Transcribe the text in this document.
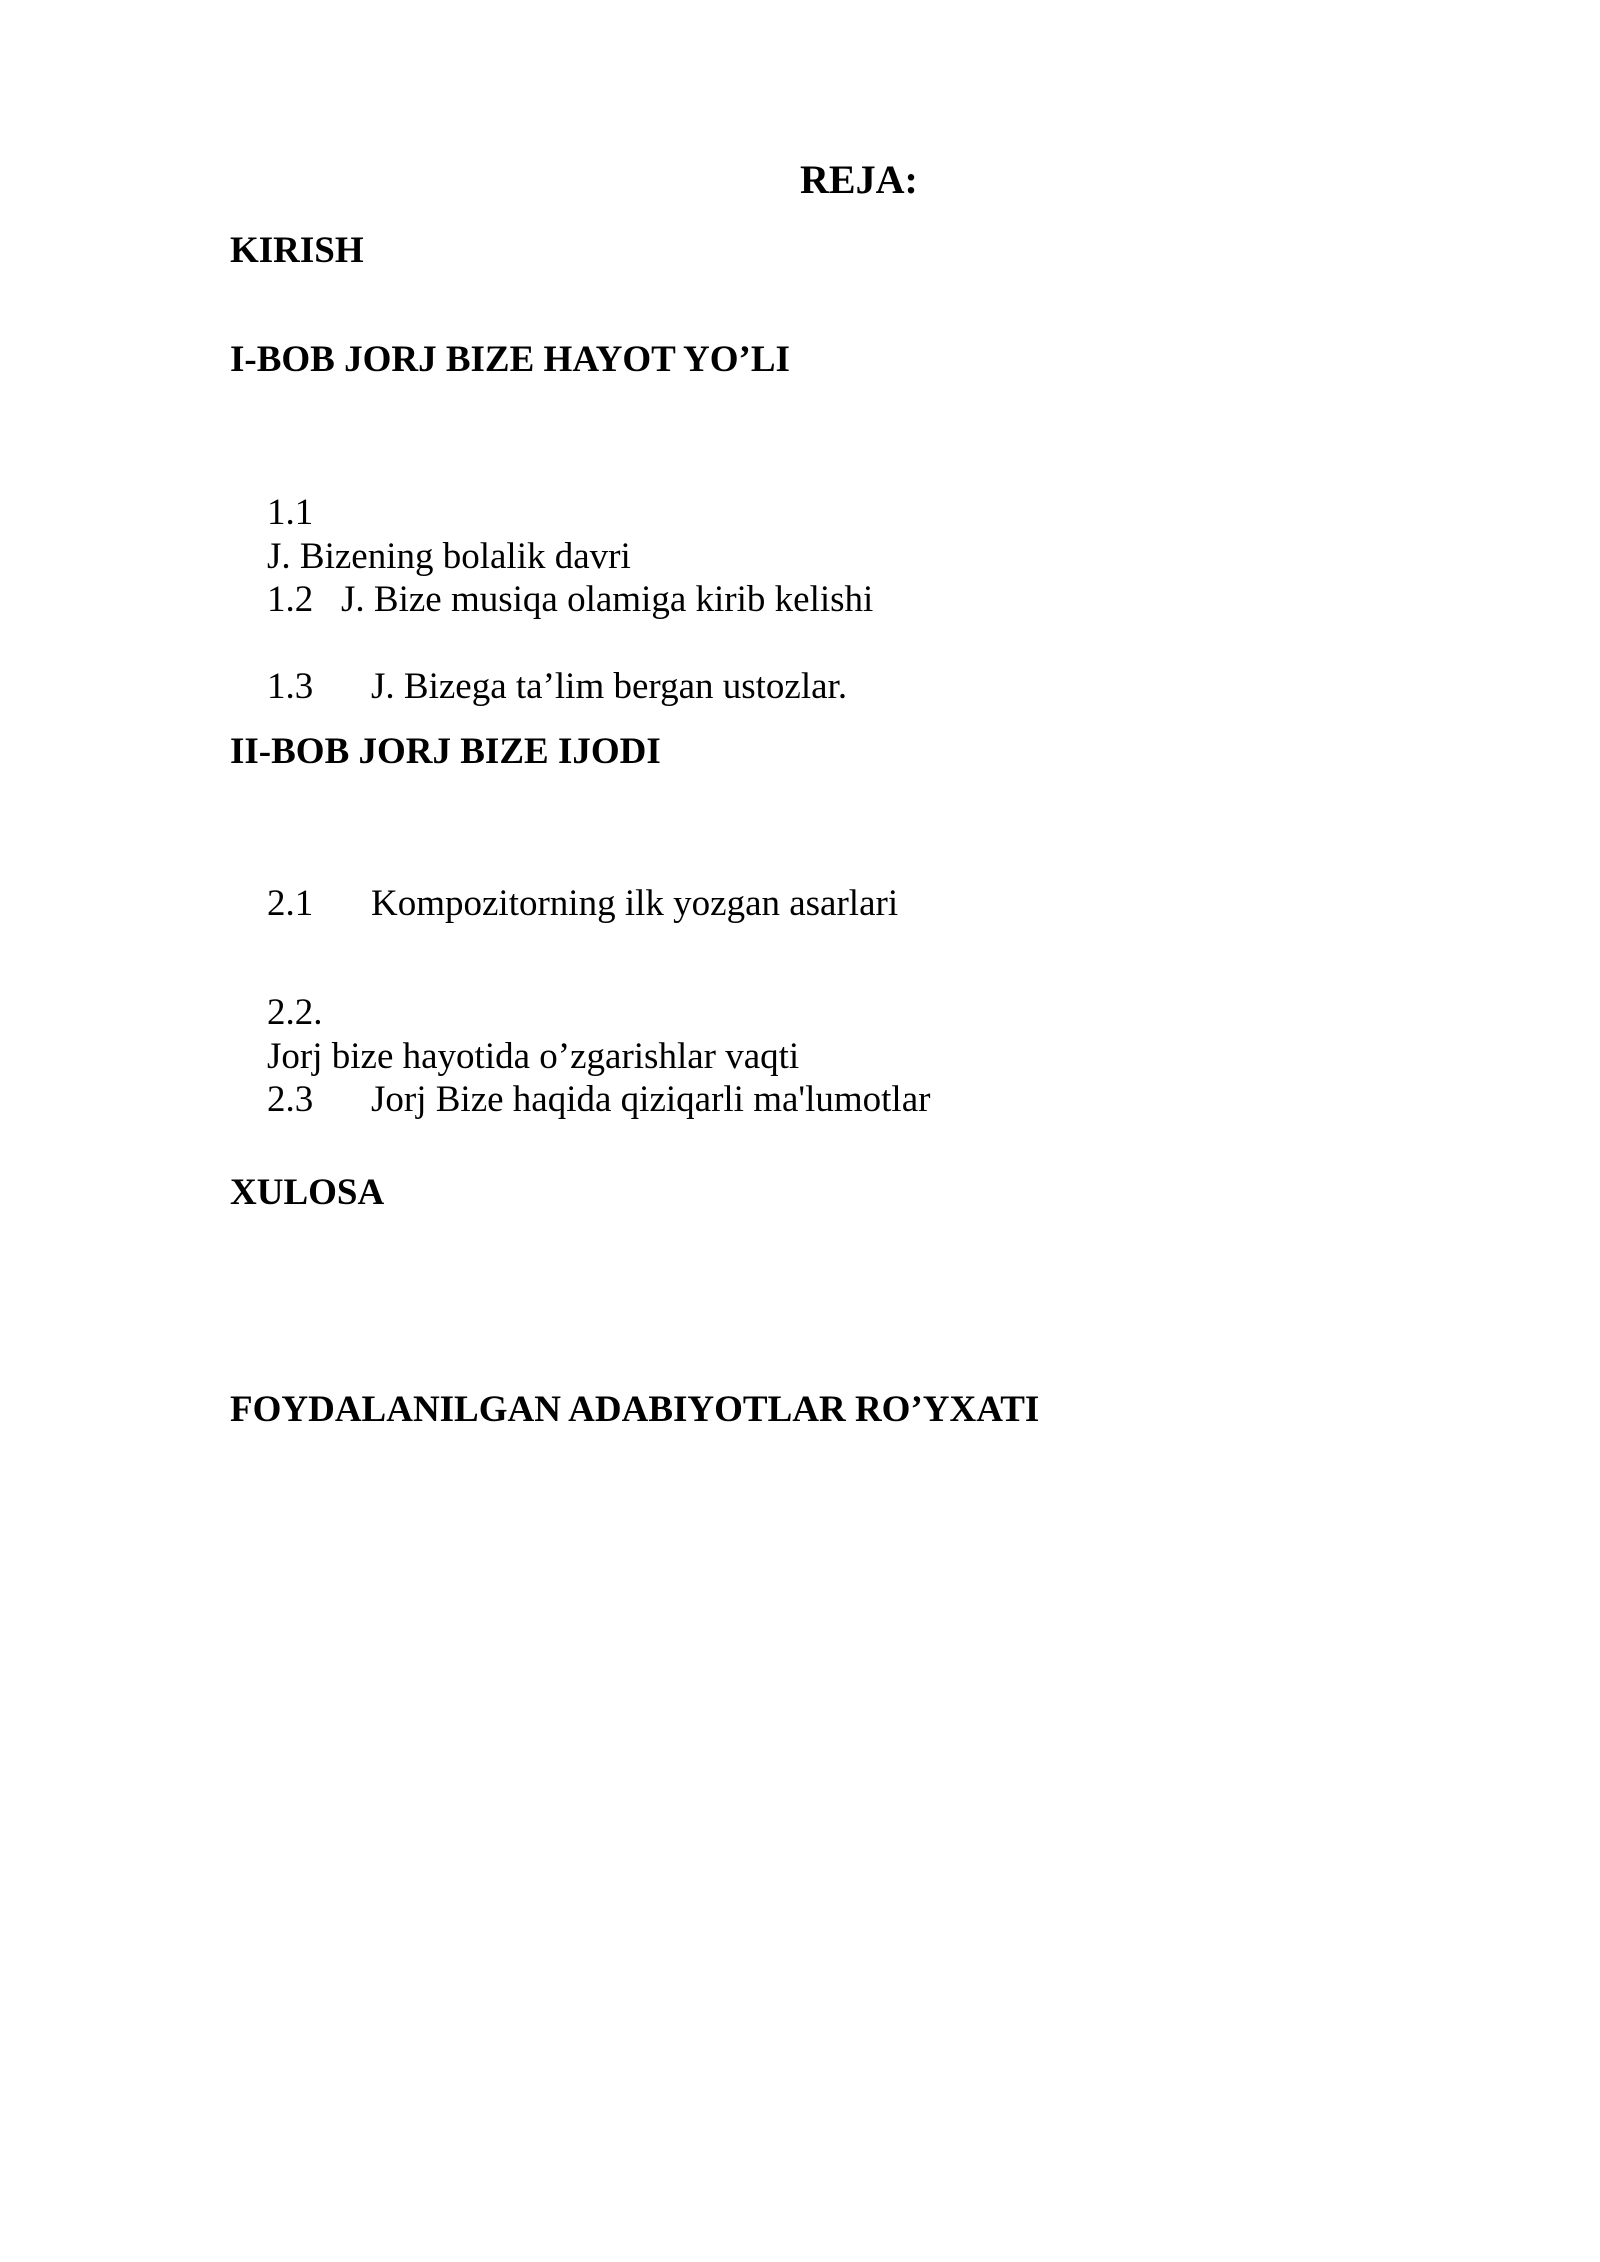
REJA:
KIRISH
I-BOB JORJ BIZE HAYOT YO’LI

1.1
J. Bizening bolalik davri

1.2 J. Bize musiqa olamiga kirib kelishi

1.3 J. Bizega ta’lim bergan ustozlar.

II-BOB JORJ BIZE IJODI

2.1 Kompozitorning ilk yozgan asarlari

2.2.
Jorj bize hayotida o’zgarishlar vaqti

2.3 Jorj Bize haqida qiziqarli ma'lumotlar

XULOSA
FOYDALANILGAN ADABIYOTLAR RO’YXATI
